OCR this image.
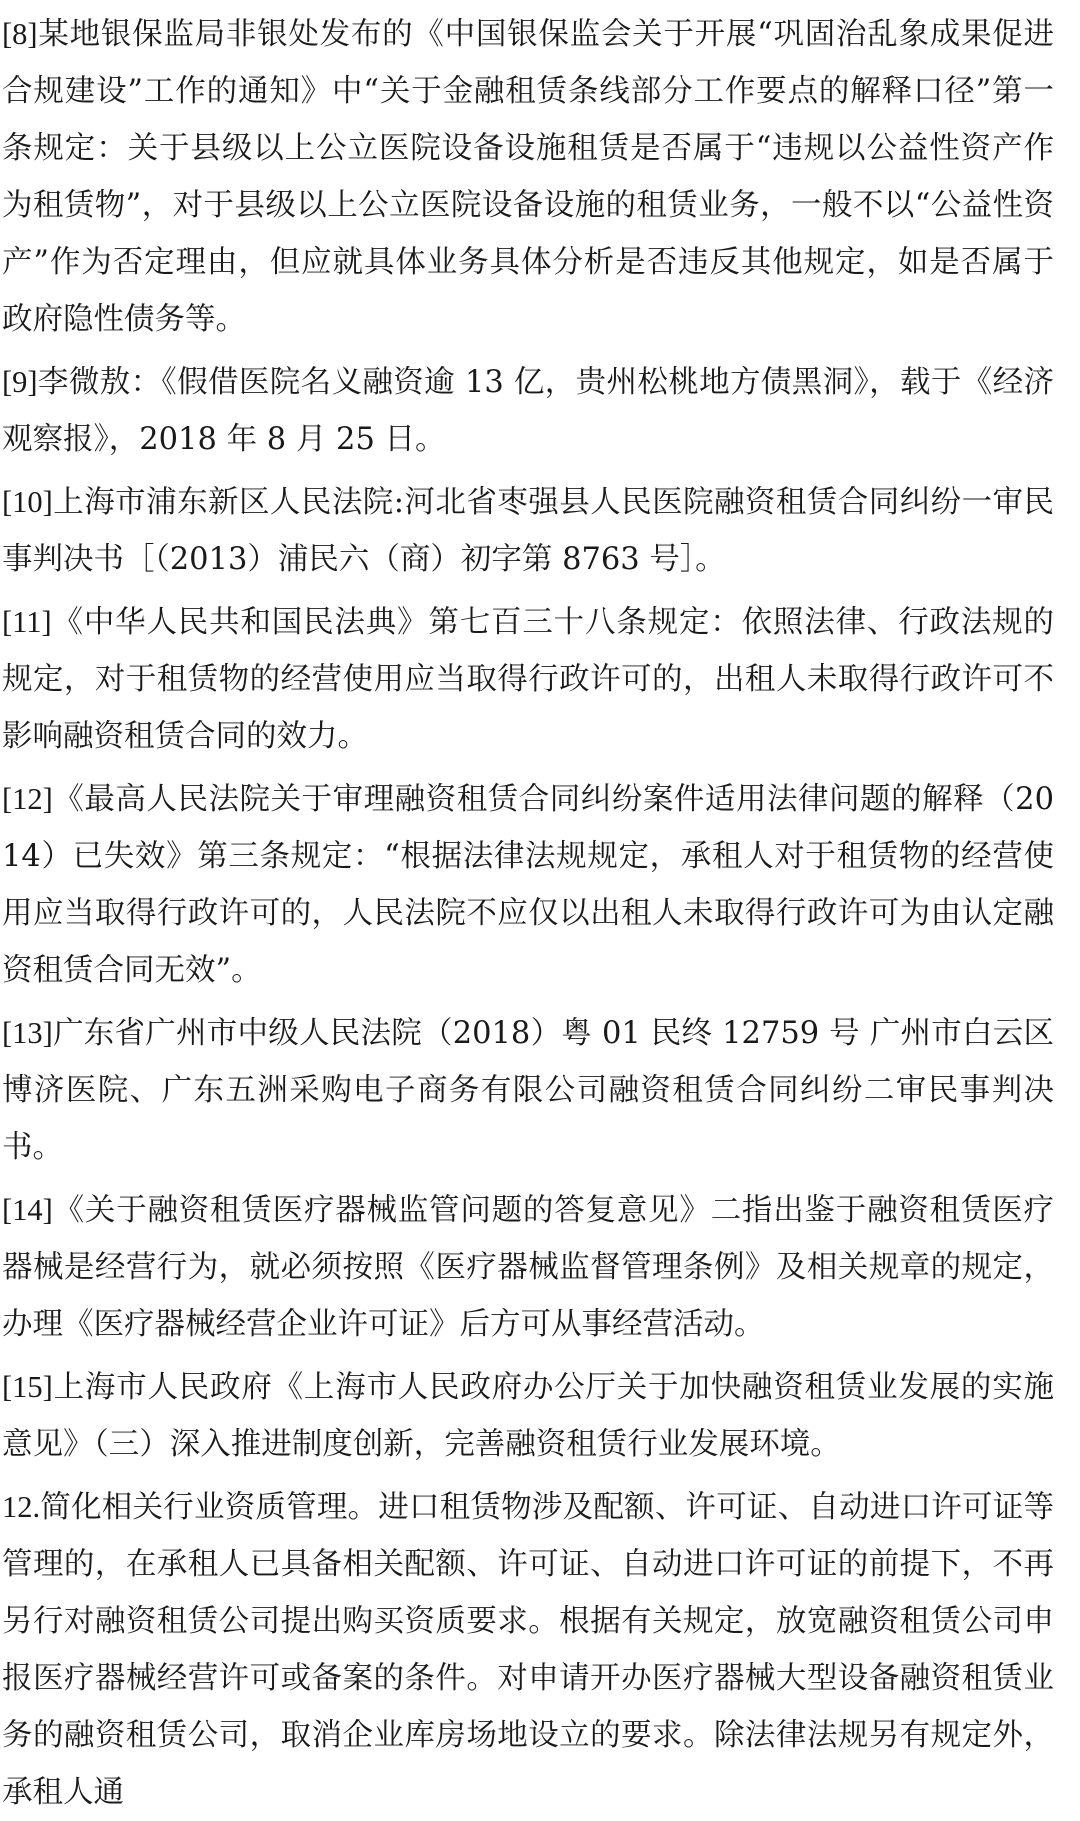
[8]某地银保监局非银处发布的《中国银保监会关于开展“巩固治乱象成果促进合规建设”工作的通知》中“关于金融租赁条线部分工作要点的解释口径”第一条规定：关于县级以上公立医院设备设施租赁是否属于“违规以公益性资产作为租赁物”，对于县级以上公立医院设备设施的租赁业务，一般不以“公益性资产”作为否定理由，但应就具体业务具体分析是否违反其他规定，如是否属于政府隐性债务等。

[9]李微敖：《假借医院名义融资逾 13 亿，贵州松桃地方债黑洞》，载于《经济观察报》，2018 年 8 月 25 日。

[10]上海市浦东新区人民法院:河北省枣强县人民医院融资租赁合同纠纷一审民事判决书［（2013）浦民六（商）初字第 8763 号］。

[11]《中华人民共和国民法典》第七百三十八条规定：依照法律、行政法规的规定，对于租赁物的经营使用应当取得行政许可的，出租人未取得行政许可不影响融资租赁合同的效力。

[12]《最高人民法院关于审理融资租赁合同纠纷案件适用法律问题的解释（2014）已失效》第三条规定：“根据法律法规规定，承租人对于租赁物的经营使用应当取得行政许可的，人民法院不应仅以出租人未取得行政许可为由认定融资租赁合同无效”。

[13]广东省广州市中级人民法院（2018）粤 01 民终 12759 号 广州市白云区博济医院、广东五洲采购电子商务有限公司融资租赁合同纠纷二审民事判决书。

[14]《关于融资租赁医疗器械监管问题的答复意见》二指出鉴于融资租赁医疗器械是经营行为，就必须按照《医疗器械监督管理条例》及相关规章的规定，办理《医疗器械经营企业许可证》后方可从事经营活动。

[15]上海市人民政府《上海市人民政府办公厅关于加快融资租赁业发展的实施意见》（三）深入推进制度创新，完善融资租赁行业发展环境。

12.简化相关行业资质管理。进口租赁物涉及配额、许可证、自动进口许可证等管理的，在承租人已具备相关配额、许可证、自动进口许可证的前提下，不再另行对融资租赁公司提出购买资质要求。根据有关规定，放宽融资租赁公司申报医疗器械经营许可或备案的条件。对申请开办医疗器械大型设备融资租赁业务的融资租赁公司，取消企业库房场地设立的要求。除法律法规另有规定外，承租人通
